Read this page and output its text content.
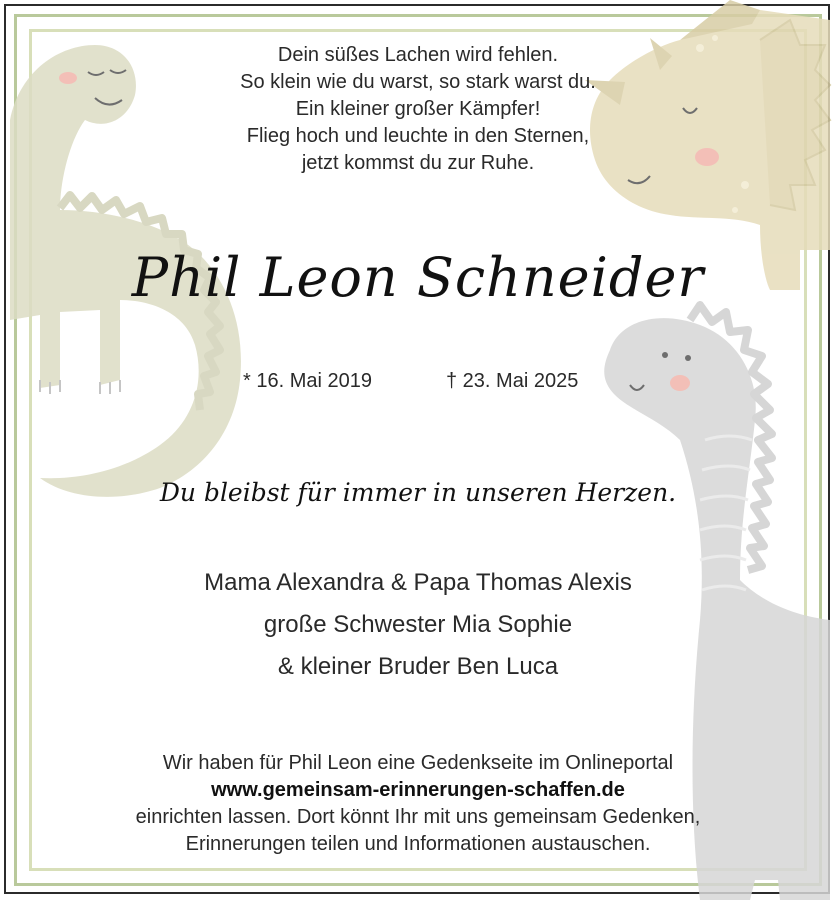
Dein süßes Lachen wird fehlen.
So klein wie du warst, so stark warst du.
Ein kleiner großer Kämpfer!
Flieg hoch und leuchte in den Sternen,
jetzt kommst du zur Ruhe.
Phil Leon Schneider
* 16. Mai 2019	† 23. Mai 2025
Du bleibst für immer in unseren Herzen.
Mama Alexandra & Papa Thomas Alexis
große Schwester Mia Sophie
& kleiner Bruder Ben Luca
Wir haben für Phil Leon eine Gedenkseite im Onlineportal
www.gemeinsam-erinnerungen-schaffen.de
einrichten lassen. Dort könnt Ihr mit uns gemeinsam Gedenken,
Erinnerungen teilen und Informationen austauschen.
